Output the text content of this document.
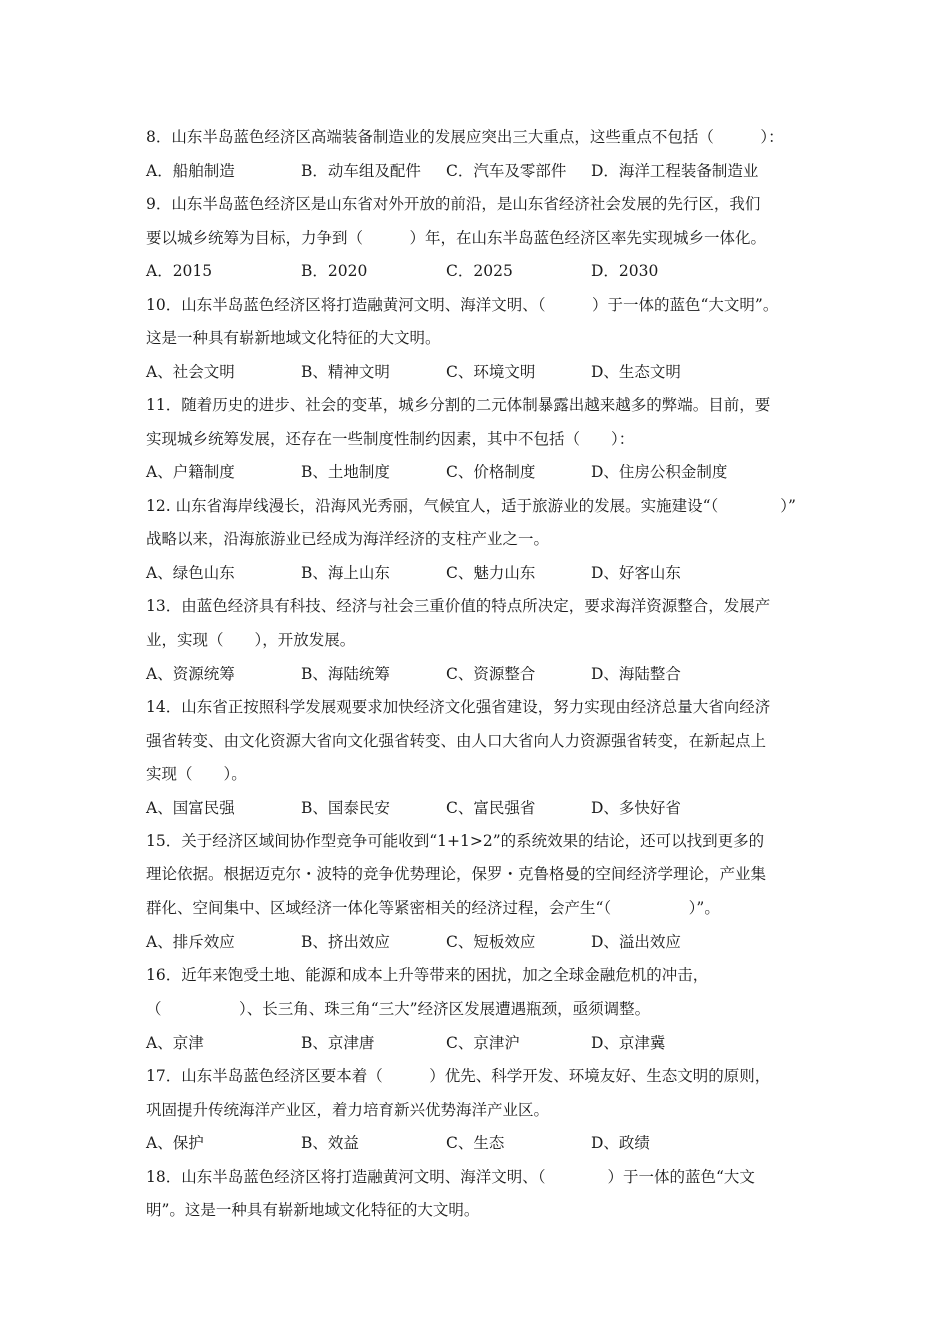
8．山东半岛蓝色经济区高端装备制造业的发展应突出三大重点，这些重点不包括（　　　）：
A．船舶制造	B．动车组及配件 C．汽车及零部件 D．海洋工程装备制造业
9．山东半岛蓝色经济区是山东省对外开放的前沿，是山东省经济社会发展的先行区，我们
要以城乡统筹为目标，力争到（　　　）年，在山东半岛蓝色经济区率先实现城乡一体化。
A．2015	B．2020	C．2025	D．2030
10．山东半岛蓝色经济区将打造融黄河文明、海洋文明、（　　　）于一体的蓝色“大文明”。
这是一种具有崭新地域文化特征的大文明。
A、社会文明	B、精神文明	C、环境文明	D、生态文明
11．随着历史的进步、社会的变革，城乡分割的二元体制暴露出越来越多的弊端。目前，要
实现城乡统筹发展，还存在一些制度性制约因素，其中不包括（　　）：
A、户籍制度	B、土地制度	C、价格制度	D、住房公积金制度
12. 山东省海岸线漫长，沿海风光秀丽，气候宜人，适于旅游业的发展。实施建设“（　　　　）”
战略以来，沿海旅游业已经成为海洋经济的支柱产业之一。
A、绿色山东	B、海上山东	C、魅力山东	D、好客山东
13．由蓝色经济具有科技、经济与社会三重价值的特点所决定，要求海洋资源整合，发展产
业，实现（　　），开放发展。
A、资源统筹	B、海陆统筹	C、资源整合	D、海陆整合
14．山东省正按照科学发展观要求加快经济文化强省建设，努力实现由经济总量大省向经济
强省转变、由文化资源大省向文化强省转变、由人口大省向人力资源强省转变，在新起点上
实现（　　）。
A、国富民强	B、国泰民安	C、富民强省	D、多快好省
15．关于经济区域间协作型竞争可能收到“1+1>2”的系统效果的结论，还可以找到更多的
理论依据。根据迈克尔・波特的竞争优势理论，保罗・克鲁格曼的空间经济学理论，产业集
群化、空间集中、区域经济一体化等紧密相关的经济过程，会产生“（　　　　　）”。
A、排斥效应	B、挤出效应	C、短板效应	D、溢出效应
16．近年来饱受土地、能源和成本上升等带来的困扰，加之全球金融危机的冲击，
（　　　　　）、长三角、珠三角“三大”经济区发展遭遇瓶颈，亟须调整。
A、京津	B、京津唐	C、京津沪	D、京津冀
17．山东半岛蓝色经济区要本着（　　　）优先、科学开发、环境友好、生态文明的原则，
巩固提升传统海洋产业区，着力培育新兴优势海洋产业区。
A、保护	B、效益	C、生态	D、政绩
18．山东半岛蓝色经济区将打造融黄河文明、海洋文明、（　　　　）于一体的蓝色“大文
明”。这是一种具有崭新地域文化特征的大文明。
